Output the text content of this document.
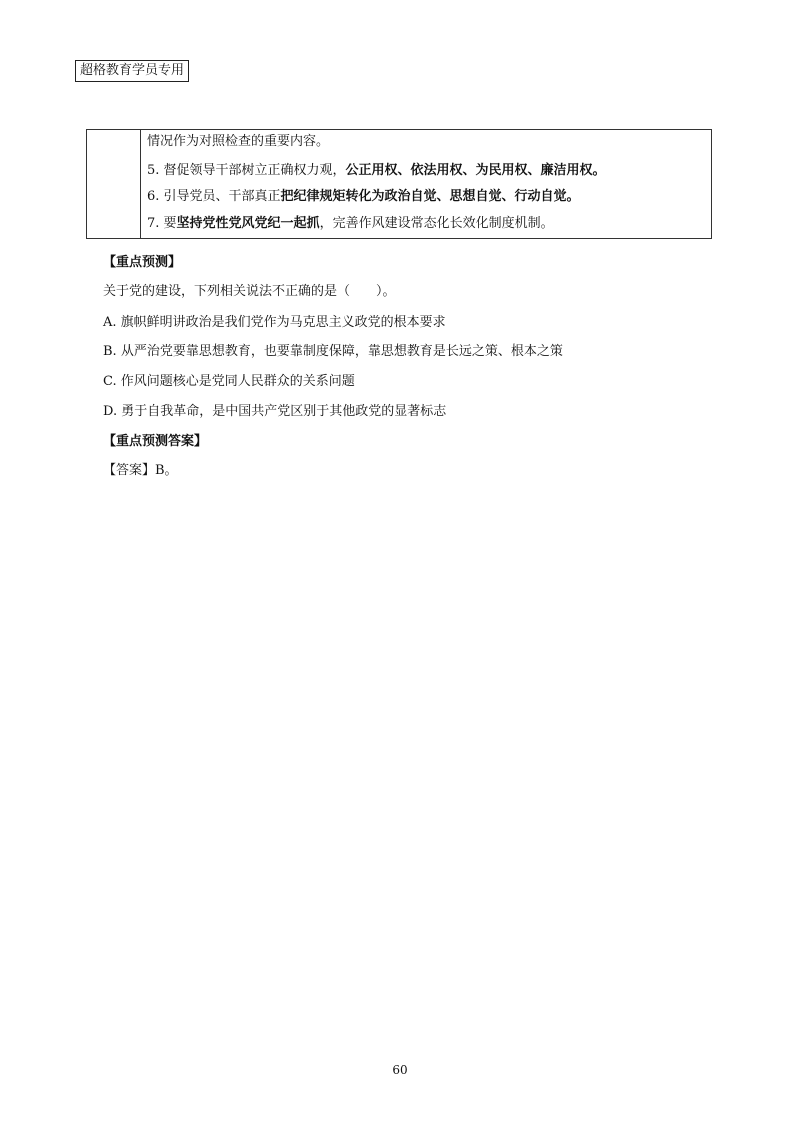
超格教育学员专用
情况作为对照检查的重要内容。
5. 督促领导干部树立正确权力观，公正用权、依法用权、为民用权、廉洁用权。
6. 引导党员、干部真正把纪律规矩转化为政治自觉、思想自觉、行动自觉。
7. 要坚持党性党风党纪一起抓，完善作风建设常态化长效化制度机制。
【重点预测】
关于党的建设，下列相关说法不正确的是（　　）。
A. 旗帜鲜明讲政治是我们党作为马克思主义政党的根本要求
B. 从严治党要靠思想教育，也要靠制度保障，靠思想教育是长远之策、根本之策
C. 作风问题核心是党同人民群众的关系问题
D. 勇于自我革命，是中国共产党区别于其他政党的显著标志
【重点预测答案】
【答案】B。
60
